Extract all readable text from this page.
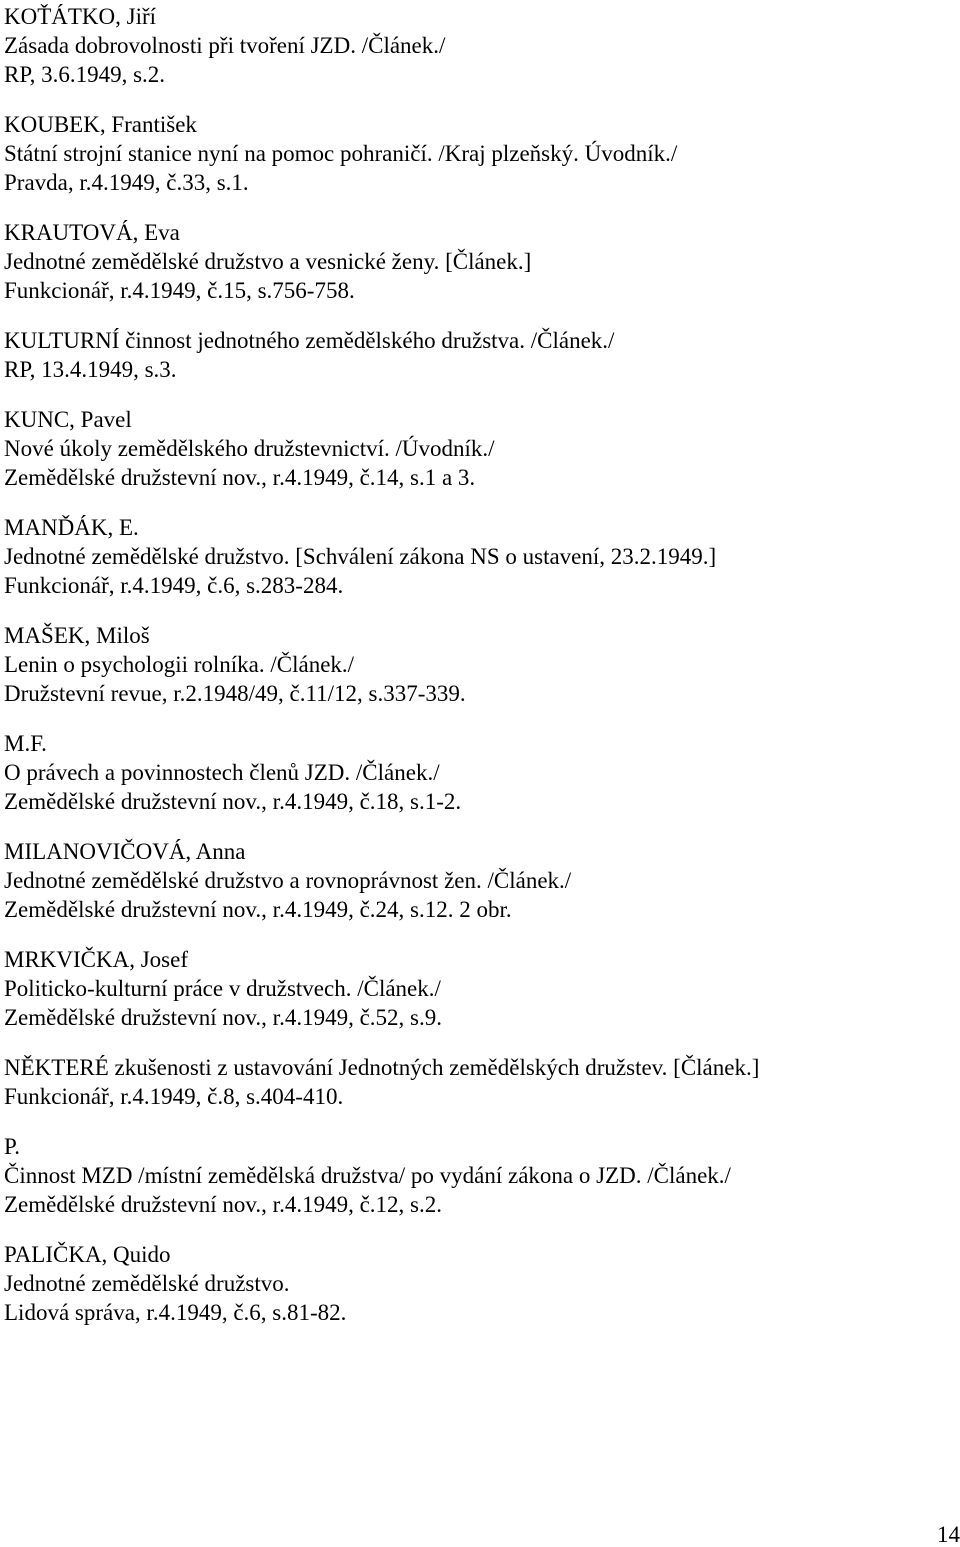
KOŤÁTKO, Jiří
Zásada dobrovolnosti při tvoření JZD. /Článek./
RP, 3.6.1949, s.2.
KOUBEK, František
Státní strojní stanice nyní na pomoc pohraničí. /Kraj plzeňský. Úvodník./
Pravda, r.4.1949, č.33, s.1.
KRAUTOVÁ, Eva
Jednotné zemědělské družstvo a vesnické ženy. [Článek.]
Funkcionář, r.4.1949, č.15, s.756-758.
KULTURNÍ činnost jednotného zemědělského družstva. /Článek./
RP, 13.4.1949, s.3.
KUNC, Pavel
Nové úkoly zemědělského družstevnictví. /Úvodník./
Zemědělské družstevní nov., r.4.1949, č.14, s.1 a 3.
MANĎÁK, E.
Jednotné zemědělské družstvo. [Schválení zákona NS o ustavení, 23.2.1949.]
Funkcionář, r.4.1949, č.6, s.283-284.
MAŠEK, Miloš
Lenin o psychologii rolníka. /Článek./
Družstevní revue, r.2.1948/49, č.11/12, s.337-339.
M.F.
O právech a povinnostech členů JZD. /Článek./
Zemědělské družstevní nov., r.4.1949, č.18, s.1-2.
MILANOVIČOVÁ, Anna
Jednotné zemědělské družstvo a rovnoprávnost žen. /Článek./
Zemědělské družstevní nov., r.4.1949, č.24, s.12. 2 obr.
MRKVIČKA, Josef
Politicko-kulturní práce v družstvech. /Článek./
Zemědělské družstevní nov., r.4.1949, č.52, s.9.
NĚKTERÉ zkušenosti z ustavování Jednotných zemědělských družstev. [Článek.]
Funkcionář, r.4.1949, č.8, s.404-410.
P.
Činnost MZD /místní zemědělská družstva/ po vydání zákona o JZD. /Článek./
Zemědělské družstevní nov., r.4.1949, č.12, s.2.
PALIČKA, Quido
Jednotné zemědělské družstvo.
Lidová správa, r.4.1949, č.6, s.81-82.
14
